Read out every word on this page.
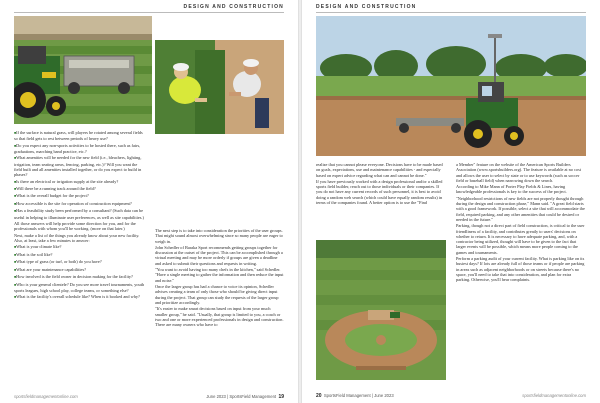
DESIGN AND CONSTRUCTION

■ If the surface is natural grass, will players be rotated among several fields so that field gets to rest between periods of heavy use?

■ Do you expect any non-sports activities to be hosted there, such as fairs, graduations, marching band practice, etc.?

■ What amenities will be needed for the new field (i.e., bleachers, lighting, irrigation, team seating areas, fencing, parking, etc.)? Will you want the field built and all amenities installed together, or do you expect to build in phases?

■ Is there an electrical or irrigation supply at the site already?

■ Will there be a running track around the field?

■ What is the overall budget for the project?

■ How accessible is the site for operation of construction equipment?

■ Has a feasibility study been performed by a consultant? (Such data can be useful in helping to illuminate user preferences, as well as site capabilities.)

All those answers will help provide some direction for you, and for the professionals with whom you'll be working. (more on that later.)

Next, make a list of the things you already know about your new facility. Also, at least, take a few minutes to answer:

■ What is your climate like?

■ What is the soil like?

■ What type of grass (or turf, or both) do you have?

■ What are your maintenance capabilities?

■ How involved is the field owner in decision making for the facility?

■ Who is your general clientele? Do you see more travel tournaments, youth sports leagues, high school play, college teams, or something else?

■ What is the facility's overall schedule like? When is it booked and why?

The next step is to take into consideration the priorities of the user groups. That might sound almost overwhelming since so many people are eager to weigh in.

John Schedler of Baraka Sport recommends getting groups together for discussion at the outset of the project. This can be accomplished through a virtual meeting and may be more orderly if groups are given a deadline and asked to submit their questions and requests in writing.

"You want to avoid having too many chefs in the kitchen," said Schedler. "Have a single meeting to gather the information and then reduce the input and noise."

Once the larger group has had a chance to voice its opinion, Schedler advises creating a team of only those who should be giving direct input during the project. That group can study the requests of the larger group and prioritize accordingly.

"It's easier to make smart decisions based on input from your much smaller group," he said. "Usually, that group is limited to you, a coach or two and one or more experienced professionals in design and construction. There are many owners who have to

sportsfieldmanagementonline.com	June 2023 | SportsField Management 19
DESIGN AND CONSTRUCTION

realize that you cannot please everyone. Decisions have to be made based on goals, expectations, use and maintenance capabilities - and especially based on expert advice regarding what can and cannot be done."

If you have previously worked with a design professional and/or a skilled sports field builder, reach out to those individuals or their companies. If you do not have any current records of such personnel, it is best to avoid doing a random web search (which could have equally random results) in terms of the companies found. A better option is to use the "Find

a Member" feature on the website of the American Sports Builders Association (www.sportsbuilders.org). The feature is available at no cost and allows the user to select by state or to use keywords (such as soccer field or baseball field) when narrowing down the search.

According to Mike Mann of Porter Play Fields & Lines, having knowledgeable professionals is key to the success of the project.

"Neighborhood restrictions of new fields are not properly thought through during the design and construction phase," Mann said. "A great field starts with a good framework. If possible, select a site that will accommodate the field, required parking, and any other amenities that could be desired or needed in the future."

Parking, though not a direct part of field construction, is critical to the user friendliness of a facility, and contributes greatly to users' decisions on whether to return. It is necessary to have adequate parking, and, with a contractor being utilized, thought will have to be given to the fact that larger events will be possible, which means more people coming to the games and tournaments.

Perform a parking audit of your current facility. What is parking like on its busiest days? If lots are already full of those teams or if people are parking in areas such as adjacent neighborhoods or on streets because there's no space, you'll need to take that into consideration, and plan for extra parking. Otherwise, you'll hear complaints.

20 SportsField Management | June 2023	sportsfieldmanagementonline.com
